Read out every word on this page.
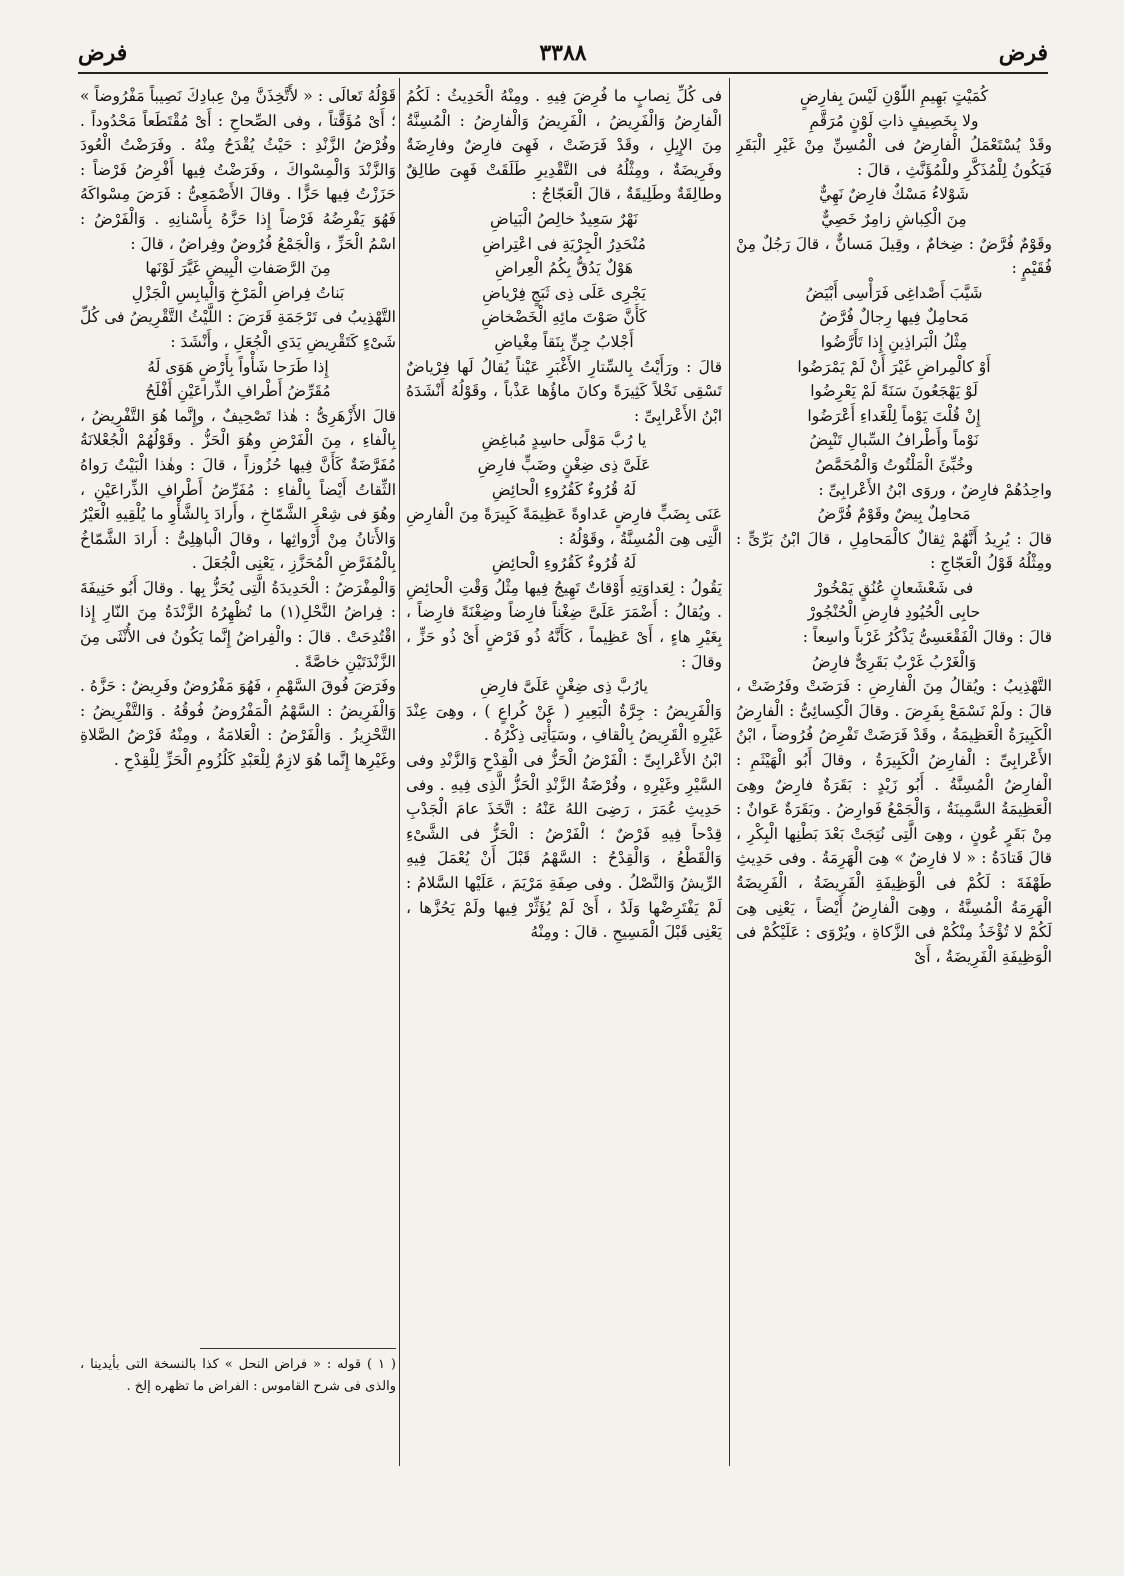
فرض
٣٣٨٨
فرض

كُمَيْتٍ بَهِيمِ اللَّوْنِ لَيْسَ بِفارِضٍ

ولا بِخَصِيفٍ ذاتِ لَوْنٍ مُرَقَّمِ

وقَدْ يُسْتَعْمَلُ الْفارِضُ فى الْمُسِنِّ مِنْ غَيْرِ الْبَقَرِ فَيَكُونُ لِلْمُذَكَّرِ وللْمُؤَنَّثِ ، قالَ :

شَوْلاءُ مَسْكٌ فارِضٌ نَهِيٌّ

مِنَ الْكِباشِ زامِرٌ خَصِيٌّ

وقَوْمٌ فُرَّضٌ : ضِخامٌ ، وقِيلَ مَسانٌّ ، قالَ رَجُلٌ مِنْ فُقَيْمٍ :

شَيَّبَ أَصْداغِى فَرَأْسِى أَبْيَضُ

مَحامِلٌ فِيها رِجالٌ فُرَّضُ

مِثْلُ الْبَراذِينِ إِذا تَأَرَّضُوا

أَوْ كالْمِراضِ غَيْرَ أَنْ لَمْ يَمْرَضُوا

لَوْ يَهْجَعُونَ سَنَةً لَمْ يَعْرِضُوا

إِنْ قُلْتَ يَوْماً لِلْغَداءِ أَعْرَضُوا

نَوْماً وأَطْرافُ السِّبالِ تَنْبِضُ

وخُبِّئَ الْمَلْتُوتُ وَالْمُحَمَّصُ

واحِدُهُمْ فارِضٌ ، وروَى ابْنُ الأَعْرابِىِّ :

مَحامِلٌ بِيضٌ وقَوْمٌ فُرَّضُ

قالَ : يُرِيدُ أَنَّهُمْ ثِقالٌ كالْمَحامِلِ ، قالَ ابْنُ بَرِّىٍّ : ومِثْلُهُ قَوْلُ الْعَجّاجِ :

فى شَعْشَعانٍ عُنُقٍ يَمْخُورْ

حابِى الْحُيُودِ فارِضِ الْحُنْجُورْ

قالَ : وقالَ الْفَقْعَسِىُّ يَذْكُرُ غَرْباً واسِعاً :

وَالْغَرْبُ غَرْبٌ بَقَرِىٌّ فارِضُ

التَّهْذِيبُ : ويُقالُ مِنَ الْفارِضِ : فَرَضَتْ وفَرُضَتْ ، قالَ : ولَمْ نَسْمَعْ بِفَرِضَ . وقالَ الْكِسائِىُّ : الْفارِضُ الْكَبِيرَةُ الْعَظِيمَةُ ، وقَدْ فَرَضَتْ تَفْرِضُ فُرُوضاً ، ابْنُ الأَعْرابِىِّ : الْفارِضُ الْكَبِيرَةُ ، وقالَ أَبُو الْهَيْثَمِ : الْفارِضُ الْمُسِنَّةُ . أَبُو زَيْدٍ : بَقَرَةٌ فارِضٌ وهِىَ الْعَظِيمَةُ السَّمِينَةُ ، وَالْجَمْعُ فَوارِضُ . وبَقَرَةٌ عَوانٌ : مِنْ بَقَرٍ عُونٍ ، وهِىَ الَّتِى نُتِجَتْ بَعْدَ بَطْنِها الْبِكْرِ ، قالَ قَتادَةُ : « لا فارِضٌ » هِىَ الْهَرِمَةُ . وفى حَدِيثِ طَهْفَةَ : لَكُمْ فى الْوَظِيفَةِ الْفَرِيضَةُ ، الْفَرِيضَةُ الْهَرِمَةُ الْمُسِنَّةُ ، وهِىَ الْفارِضُ أَيْضاً ، يَعْنِى هِىَ لَكُمْ لا تُؤْخَذُ مِنْكُمْ فى الزَّكاةِ ، ويُرْوَى : عَلَيْكُمْ فى الْوَظِيفَةِ الْفَرِيضَةُ ، أَىْ

فى كُلِّ نِصابٍ ما فُرِضَ فِيهِ . ومِنْهُ الْحَدِيثُ : لَكُمُ الْفارِضُ وَالْفَرِيضُ ، الْفَرِيضُ وَالْفارِضُ : الْمُسِنَّةُ مِنَ الإِبِلِ ، وقَدْ فَرَضَتْ ، فَهِىَ فارِضٌ وفارِضَةٌ وفَرِيضَةٌ ، ومِثْلُهُ فى التَّقْدِيرِ طَلَقَتْ فَهِىَ طالِقٌ وطالِقَةٌ وطَلِيقَةٌ ، قالَ الْعَجّاجُ :

نَهْرٌ سَعِيدٌ خالِصُ الْبَياضِ

مُنْحَدِرُ الْجِرْيَةِ فى اعْتِراضِ

هَوْلٌ يَدُقُّ بِكُمُ الْعِراضِ

يَجْرِى عَلَى ذِى ثَبَجٍ فِرْياضِ

كَأَنَّ صَوْتَ مائِهِ الْخَضْخاضِ

أَجْلابُ جِنٍّ بِنَقاً مِغْياضِ

قالَ : ورَأَيْتُ بِالسِّتارِ الأَغْبَرِ عَيْناً يُقالُ لَها فِرْياضٌ تَسْقِى نَخْلاً كَثِيرَةً وكانَ ماؤُها عَذْباً ، وقَوْلُهُ أَنْشَدَهُ ابْنُ الأَعْرابِىِّ :

يا رُبَّ مَوْلًى حاسِدٍ مُباغِضِ

عَلَىَّ ذِى ضِغْنٍ وضَبٍّ فارِضِ

لَهُ قُرُوءٌ كَقُرُوءِ الْحائِضِ

عَنَى بِضَبٍّ فارِضٍ عَداوةً عَظِيمَةً كَبِيرَةً مِنَ الْفارِضِ الَّتِى هِىَ الْمُسِنَّةُ ، وقَوْلُهُ :

لَهُ قُرُوءٌ كَقُرُوءِ الْحائِضِ

يَقُولُ : لِعَداوَتِهِ أَوْقاتٌ تَهِيجُ فِيها مِثْلُ وَقْتِ الْحائِضِ . ويُقالُ : أَضْمَرَ عَلَىَّ ضِغْناً فارِضاً وضِغْنَةً فارِضاً ، بِغَيْرِ هاءٍ ، أَىْ عَظِيماً ، كَأَنَّهُ ذُو فَرْضٍ أَىْ ذُو حَزٍّ ، وقالَ :

يارُبَّ ذِى ضِغْنٍ عَلَىَّ فارِضِ

وَالْفَرِيضُ : جِرَّةُ الْبَعِيرِ ( عَنْ كُراعٍ ) ، وهِىَ عِنْدَ غَيْرِهِ الْقَرِيضُ بِالْقافِ ، وسَيَأْتِى ذِكْرُهُ .

ابْنُ الأَعْرابِىِّ : الْفَرْضُ الْحَزُّ فى الْقِدْحِ وَالزَّنْدِ وفى السَّيْرِ وغَيْرِهِ ، وفُرْضَةُ الزَّنْدِ الْحَزُّ الَّذِى فِيهِ . وفى حَدِيثِ عُمَرَ ، رَضِىَ اللهُ عَنْهُ : اتَّخَذَ عامَ الْجَدْبِ قِدْحاً فِيهِ فَرْضٌ ؛ الْفَرْضُ : الْحَزُّ فى الشَّىْءِ وَالْقَطْعُ ، وَالْقِدْحُ : السَّهْمُ قَبْلَ أَنْ يُعْمَلَ فِيهِ الرِّيشُ وَالنَّصْلُ . وفى صِفَةِ مَرْيَمَ ، عَلَيْها السَّلامُ : لَمْ يَفْتَرِضْها وَلَدٌ ، أَىْ لَمْ يُؤَثِّرْ فِيها ولَمْ يَحُزَّها ، يَعْنِى قَبْلَ الْمَسِيحِ . قالَ : ومِنْهُ

قَوْلُهُ تَعالَى : « لأَتَّخِذَنَّ مِنْ عِبادِكَ نَصِيباً مَفْرُوضاً » ؛ أَىْ مُؤَقَّتاً ، وفى الصِّحاحِ : أَىْ مُقْتَطَعاً مَحْدُوداً . وفُرْضُ الزَّنْدِ : حَيْثُ يُقْدَحُ مِنْهُ . وفَرَضْتُ الْعُودَ وَالزَّنْدَ وَالْمِسْواكَ ، وفَرَضْتُ فِيها أَفْرِضُ فَرْضاً : حَزَزْتُ فِيها حَزًّا . وقالَ الأَصْمَعِىُّ : فَرَضَ مِسْواكَهُ فَهُوَ يَفْرِضُهُ فَرْضاً إِذا حَزَّهُ بِأَسْنانِهِ . وَالْفَرْضُ : اسْمُ الْحَزِّ ، وَالْجَمْعُ فُرُوضٌ وفِراضٌ ، قالَ :

مِنَ الرَّصَفاتِ الْبِيضِ غَيَّرَ لَوْنَها

بَناتُ فِراضِ الْمَرْخِ وَالْيابِسِ الْجَزْلِ

التَّهْذِيبُ فى تَرْجَمَةِ قَرَضَ : اللَّيْثُ التَّقْرِيضُ فى كُلِّ شَىْءٍ كَتَقْرِيضِ يَدَىِ الْجُعَلِ ، وأَنْشَدَ :

إِذا طَرَحا شَأْواً بِأَرْضٍ هَوَى لَهُ

مُقَرِّضُ أَطْرافِ الذِّراعَيْنِ أَفْلَحُ

قالَ الأَزْهَرِىُّ : هٰذا تَصْحِيفٌ ، وإِنَّما هُوَ التَّفْرِيضُ ، بِالْفاءِ ، مِنَ الْفَرْضِ وهُوَ الْحَزُّ . وقَوْلُهُمْ الْجُعْلانَةُ مُفَرَّضَةٌ كَأَنَّ فِيها حُزُوزاً ، قالَ : وهٰذا الْبَيْتُ رَواهُ الثِّقاتُ أَيْضاً بِالْفاءِ : مُفَرِّضُ أَطْرافِ الذِّراعَيْنِ ، وهُوَ فى شِعْرِ الشَّمّاخِ ، وأَرادَ بِالشَّأْوِ ما يُلْقِيهِ الْعَيْرُ وَالأَتانُ مِنْ أَرْواثِها ، وقالَ الْباهِلِىُّ : أَرادَ الشَّمّاخُ بِالْمُفَرَّضِ الْمُحَزَّزِ ، يَعْنِى الْجُعَلَ .

وَالْمِفْرَضُ : الْحَدِيدَةُ الَّتِى يُحَزُّ بِها . وقالَ أَبُو حَنِيفَةَ : فِراضُ النَّحْلِ(١) ما تُظْهِرُهُ الزَّنْدَةُ مِنَ النّارِ إِذا اقْتُدِحَتْ . قالَ : والْفِراضُ إِنَّما يَكُونُ فى الأُنْثَى مِنَ الزَّنْدَتَيْنِ خاصَّةً .

وفَرَضَ فُوقَ السَّهْمِ ، فَهُوَ مَفْرُوضٌ وفَرِيضٌ : حَزَّهُ . وَالْفَرِيضُ : السَّهْمُ الْمَفْرُوضُ فُوقُهُ . وَالتَّفْرِيضُ : التَّحْزِيزُ . وَالْفَرْضُ : الْعَلامَةُ ، ومِنْهُ فَرْضُ الصَّلاةِ وغَيْرِها إِنَّما هُوَ لازِمٌ لِلْعَبْدِ كَلُزُومِ الْحَزِّ لِلْقِدْحِ .

( ١ ) قوله : « فراض النحل » كذا بالنسخة التى بأيدينا ، والذى فى شرح القاموس : الفراض ما تظهره إلخ .
